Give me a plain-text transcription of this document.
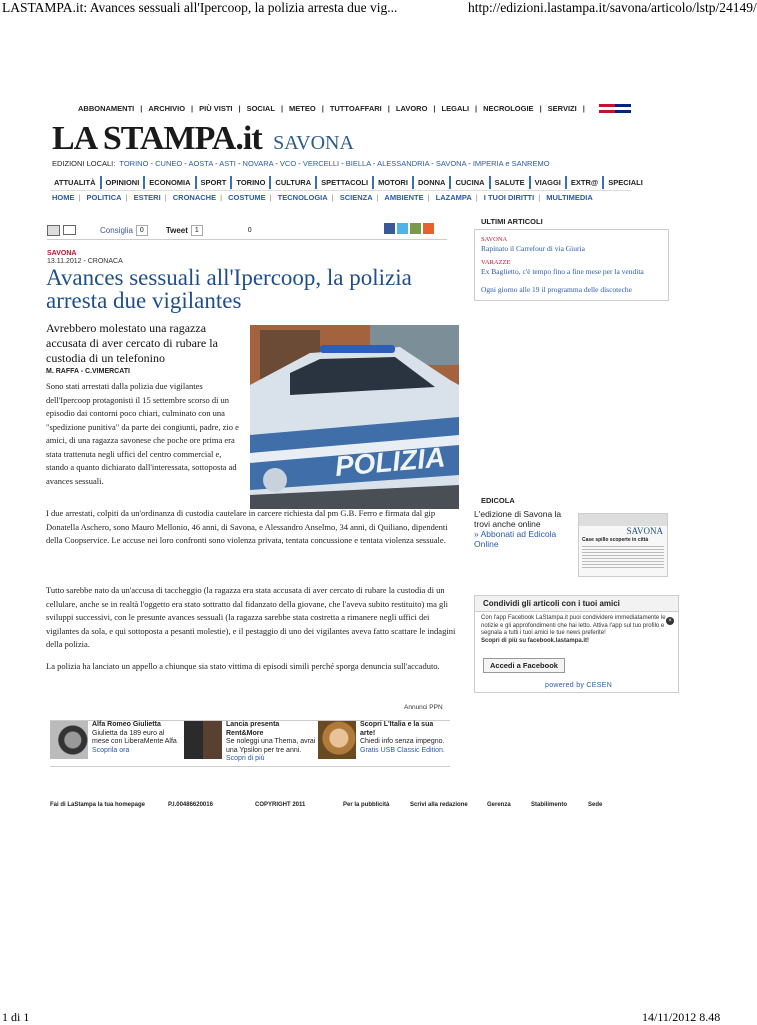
LASTAMPA.it: Avances sessuali all'Ipercoop, la polizia arresta due vig...	http://edizioni.lastampa.it/savona/articolo/lstp/24149/
1 di 1	14/11/2012 8.48
ABBONAMENTI | ARCHIVIO | PIÙ VISTI | SOCIAL | METEO | TUTTOAFFARI | LAVORO | LEGALI | NECROLOGIE | SERVIZI |
LA STAMPA.it SAVONA
EDIZIONI LOCALI: TORINO - CUNEO - AOSTA - ASTI - NOVARA - VCO - VERCELLI - BIELLA - ALESSANDRIA - SAVONA - IMPERIA e SANREMO
ATTUALITÀ	OPINIONI	ECONOMIA	SPORT	TORINO	CULTURA	SPETTACOLI	MOTORI	DONNA	CUCINA	SALUTE	VIAGGI	EXTR@	SPECIALI
HOME | POLITICA | ESTERI | CRONACHE | COSTUME | TECNOLOGIA | SCIENZA | AMBIENTE | LAZAMPA | I TUOI DIRITTI | MULTIMEDIA
Consiglia	0	Tweet	1	0
SAVONA
13.11.2012 - CRONACA
Avances sessuali all'Ipercoop, la polizia arresta due vigilantes
Avrebbero molestato una ragazza accusata di aver cercato di rubare la custodia di un telefonino
M. RAFFA - C.VIMERCATI
Sono stati arrestati dalla polizia due vigilantes dell'Ipercoop protagonisti il 15 settembre scorso di un episodio dai contorni poco chiari, culminato con una "spedizione punitiva" da parte dei congiunti, padre, zio e amici, di una ragazza savonese che poche ore prima era stata trattenuta negli uffici del centro commercial e, stando a quanto dichiarato dall'interessata, sottoposta ad avances sessuali.	POLIZIA
I due arrestati, colpiti da un'ordinanza di custodia cautelare in carcere richiesta dal pm G.B. Ferro e firmata dal gip Donatella Aschero, sono Mauro Mellonio, 46 anni, di Savona, e Alessandro Anselmo, 34 anni, di Quiliano, dipendenti della Coopservice. Le accuse nei loro confronti sono violenza privata, tentata concussione e tentata violenza sessuale.
Tutto sarebbe nato da un'accusa di taccheggio (la ragazza era stata accusata di aver cercato di rubare la custodia di un cellulare, anche se in realtà l'oggetto era stato sottratto dal fidanzato della giovane, che l'aveva subito restituito) ma gli sviluppi successivi, con le presunte avances sessuali (la ragazza sarebbe stata costretta a rimanere negli uffici dei vigilantes da sola, e qui sottoposta a pesanti molestie), e il pestaggio di uno dei vigilantes aveva fatto scattare le indagini della polizia.
La polizia ha lanciato un appello a chiunque sia stato vittima di episodi simili perché sporga denuncia sull'accaduto.
ULTIMI ARTICOLI
SAVONA
Rapinato il Carrefour di via Giuria
VARAZZE
Ex Baglietto, c'è tempo fino a fine mese per la vendita
Ogni giorno alle 19 il programma delle discoteche
EDICOLA
L'edizione di Savona la trovi anche online
» Abbonati ad Edicola Online
SAVONA
Case spillo scoperte in città
Condividi gli articoli con i tuoi amici
×
Con l'app Facebook LaStampa.it puoi condividere immediatamente le notizie e gli approfondimenti che hai letto. Attiva l'app sul tuo profilo e segnala a tutti i tuoi amici le tue news preferite!
Scopri di più su facebook.lastampa.it!
Accedi a Facebook
powered by CESEN
Annunci PPN
Alfa Romeo Giulietta
Giulietta da 189 euro al mese con LiberaMente Alfa
Scoprila ora
Lancia presenta Rent&More
Se noleggi una Thema, avrai una Ypsilon per tre anni.
Scopri di più
Scopri L'Italia e la sua arte!
Chiedi info senza impegno.
Gratis USB Classic Edition.
Fai di LaStampa la tua homepage	P.I.00486620016	COPYRIGHT 2011	Per la pubblicità	Scrivi alla redazione	Gerenza	Stabilimento	Sede
